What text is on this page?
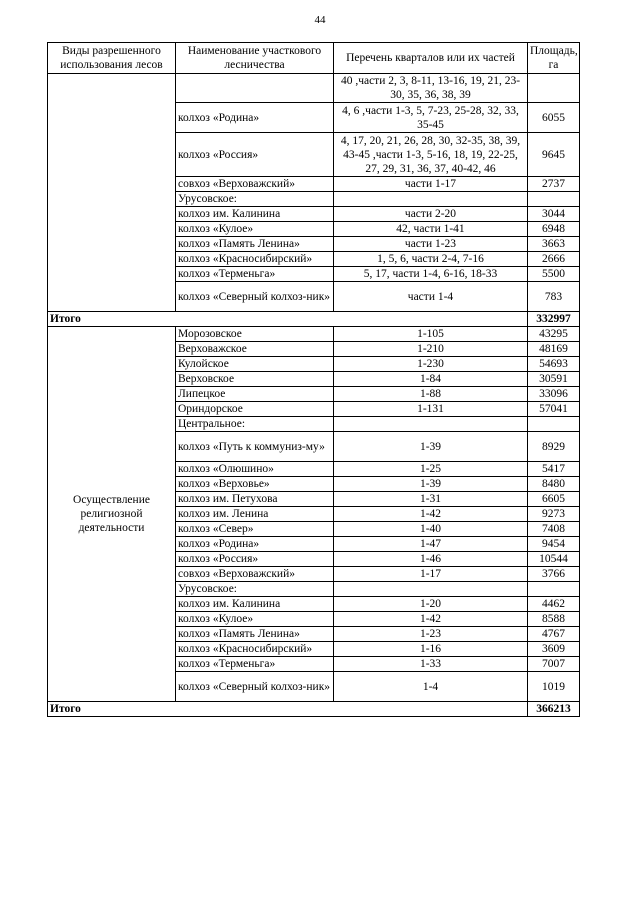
44
Виды разрешенного использования лесов	Наименование участкового лесничества	Перечень кварталов или их частей	Площадь, га
		40 ,части 2, 3, 8-11, 13-16, 19, 21, 23-30, 35, 36, 38, 39	
	колхоз «Родина»	4, 6 ,части 1-3, 5, 7-23, 25-28, 32, 33, 35-45	6055
	колхоз «Россия»	4, 17, 20, 21, 26, 28, 30, 32-35, 38, 39, 43-45 ,части 1-3, 5-16, 18, 19, 22-25, 27, 29, 31, 36, 37, 40-42, 46	9645
	совхоз «Верховажский»	части 1-17	2737
	Урусовское:		
	колхоз им. Калинина	части 2-20	3044
	колхоз «Кулое»	42, части 1-41	6948
	колхоз «Память Ленина»	части 1-23	3663
	колхоз «Красносибирский»	1, 5, 6, части 2-4, 7-16	2666
	колхоз «Терменьга»	5, 17, части 1-4, 6-16, 18-33	5500
	колхоз «Северный колхоз-ник»	части 1-4	783
Итого			332997
Осуществление религиозной деятельности	Морозовское	1-105	43295
	Верховажское	1-210	48169
	Кулойское	1-230	54693
	Верховское	1-84	30591
	Липецкое	1-88	33096
	Ориндорское	1-131	57041
	Центральное:		
	колхоз «Путь к коммуниз-му»	1-39	8929
	колхоз «Олюшино»	1-25	5417
	колхоз «Верховье»	1-39	8480
	колхоз им. Петухова	1-31	6605
	колхоз им. Ленина	1-42	9273
	колхоз «Север»	1-40	7408
	колхоз «Родина»	1-47	9454
	колхоз «Россия»	1-46	10544
	совхоз «Верховажский»	1-17	3766
	Урусовское:		
	колхоз им. Калинина	1-20	4462
	колхоз «Кулое»	1-42	8588
	колхоз «Память Ленина»	1-23	4767
	колхоз «Красносибирский»	1-16	3609
	колхоз «Терменьга»	1-33	7007
	колхоз «Северный колхоз-ник»	1-4	1019
Итого			366213
